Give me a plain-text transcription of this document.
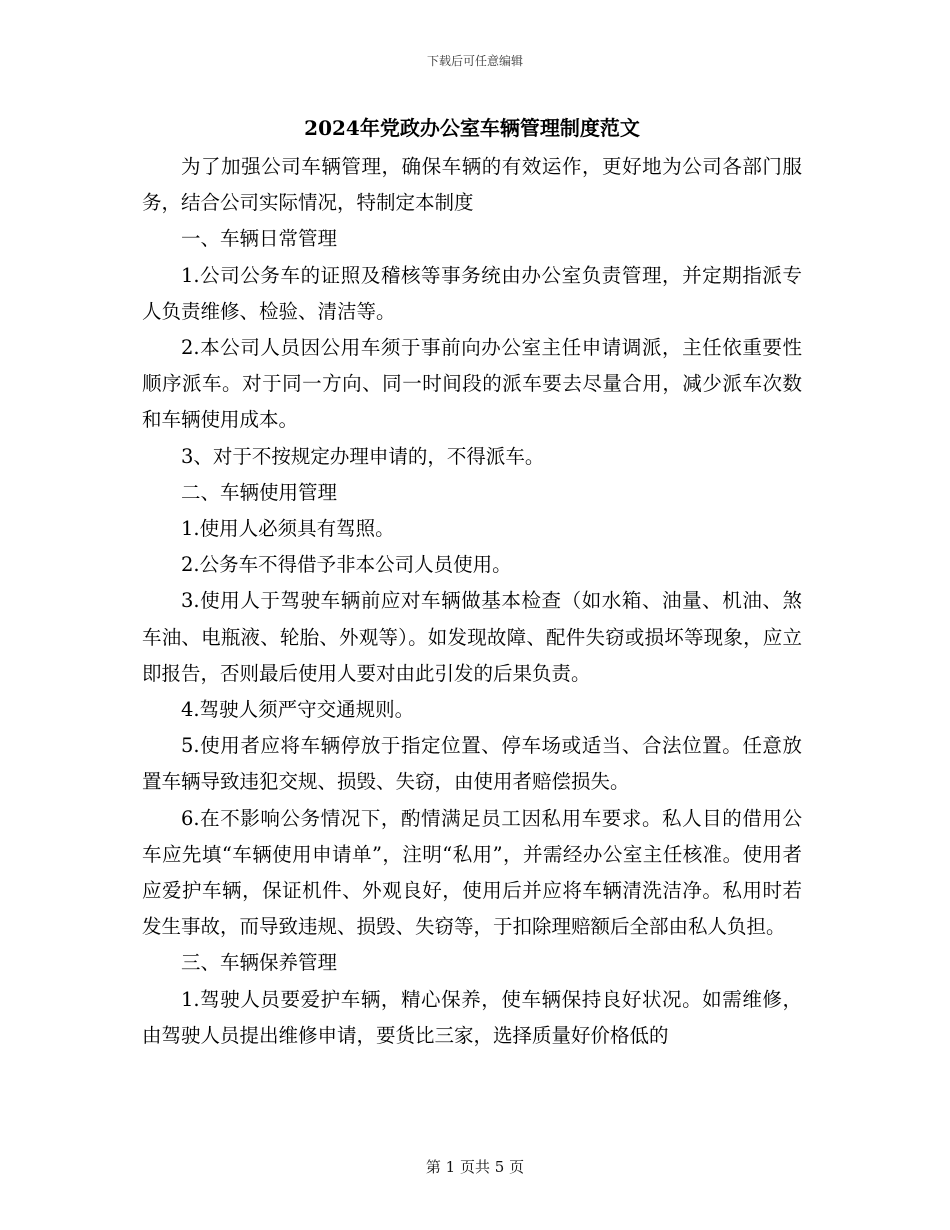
下载后可任意编辑
2024年党政办公室车辆管理制度范文

为了加强公司车辆管理，确保车辆的有效运作，更好地为公司各部门服务，结合公司实际情况，特制定本制度

一、车辆日常管理

1.公司公务车的证照及稽核等事务统由办公室负责管理，并定期指派专人负责维修、检验、清洁等。

2.本公司人员因公用车须于事前向办公室主任申请调派，主任依重要性顺序派车。对于同一方向、同一时间段的派车要去尽量合用，减少派车次数和车辆使用成本。

3、对于不按规定办理申请的，不得派车。

二、车辆使用管理

1.使用人必须具有驾照。

2.公务车不得借予非本公司人员使用。

3.使用人于驾驶车辆前应对车辆做基本检查（如水箱、油量、机油、煞车油、电瓶液、轮胎、外观等）。如发现故障、配件失窃或损坏等现象，应立即报告，否则最后使用人要对由此引发的后果负责。

4.驾驶人须严守交通规则。

5.使用者应将车辆停放于指定位置、停车场或适当、合法位置。任意放置车辆导致违犯交规、损毁、失窃，由使用者赔偿损失。

6.在不影响公务情况下，酌情满足员工因私用车要求。私人目的借用公车应先填“车辆使用申请单”，注明“私用”，并需经办公室主任核准。使用者应爱护车辆，保证机件、外观良好，使用后并应将车辆清洗洁净。私用时若发生事故，而导致违规、损毁、失窃等，于扣除理赔额后全部由私人负担。

三、车辆保养管理

1.驾驶人员要爱护车辆，精心保养，使车辆保持良好状况。如需维修，由驾驶人员提出维修申请，要货比三家，选择质量好价格低的

第 1 页共 5 页
